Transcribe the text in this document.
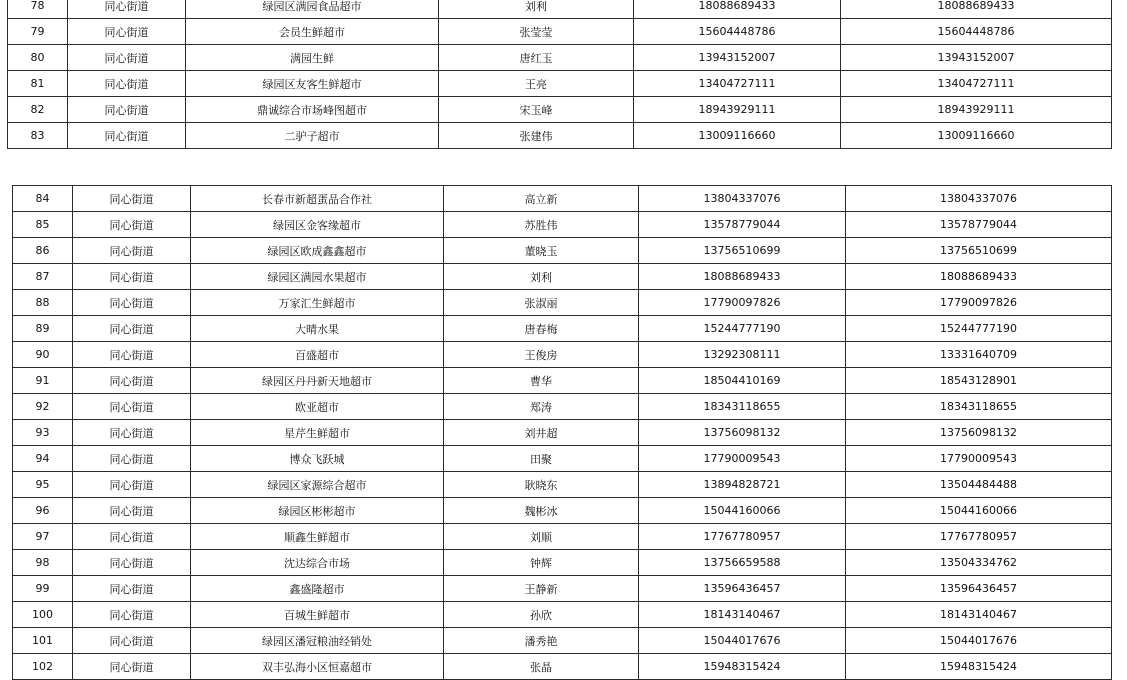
78	同心街道	绿园区满园食品超市	刘利	18088689433	18088689433
79	同心街道	会员生鲜超市	张莹莹	15604448786	15604448786
80	同心街道	满园生鲜	唐红玉	13943152007	13943152007
81	同心街道	绿园区友客生鲜超市	王亮	13404727111	13404727111
82	同心街道	鼎诚综合市场峰图超市	宋玉峰	18943929111	18943929111
83	同心街道	二驴子超市	张建伟	13009116660	13009116660
84	同心街道	长春市新超蛋品合作社	高立新	13804337076	13804337076
85	同心街道	绿园区金客缘超市	苏胜伟	13578779044	13578779044
86	同心街道	绿园区欧成鑫鑫超市	董晓玉	13756510699	13756510699
87	同心街道	绿园区满园水果超市	刘利	18088689433	18088689433
88	同心街道	万家汇生鲜超市	张淑丽	17790097826	17790097826
89	同心街道	大晴水果	唐春梅	15244777190	15244777190
90	同心街道	百盛超市	王俊房	13292308111	13331640709
91	同心街道	绿园区丹丹新天地超市	曹华	18504410169	18543128901
92	同心街道	欧亚超市	郑涛	18343118655	18343118655
93	同心街道	星芹生鲜超市	刘井超	13756098132	13756098132
94	同心街道	博众飞跃城	田聚	17790009543	17790009543
95	同心街道	绿园区家源综合超市	耿晓东	13894828721	13504484488
96	同心街道	绿园区彬彬超市	魏彬冰	15044160066	15044160066
97	同心街道	顺鑫生鲜超市	刘顺	17767780957	17767780957
98	同心街道	沈达综合市场	钟辉	13756659588	13504334762
99	同心街道	鑫盛隆超市	王静新	13596436457	13596436457
100	同心街道	百城生鲜超市	孙欣	18143140467	18143140467
101	同心街道	绿园区潘冠粮油经销处	潘秀艳	15044017676	15044017676
102	同心街道	双丰弘海小区恒嘉超市	张晶	15948315424	15948315424
